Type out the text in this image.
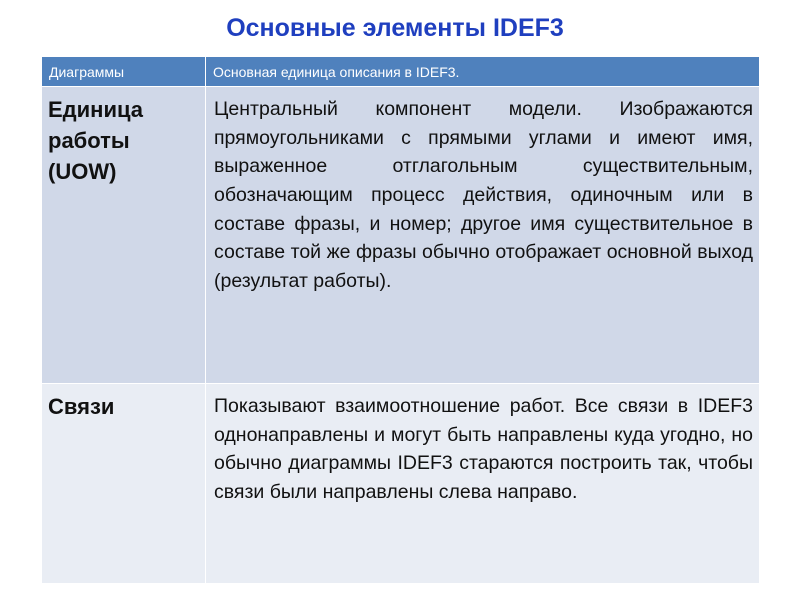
Основные элементы IDEF3
Диаграммы	Основная единица описания в IDEF3.
Единица работы (UOW)	Центральный компонент модели. Изображаются прямоугольниками с прямыми углами и имеют имя, выраженное отглагольным существительным, обозначающим процесс действия, одиночным или в составе фразы, и номер; другое имя существительное в составе той же фразы обычно отображает основной выход (результат работы).

Связи	Показывают взаимоотношение работ. Все связи в IDEF3 однонаправлены и могут быть направлены куда угодно, но обычно диаграммы IDEF3 стараются построить так, чтобы связи были направлены слева направо.
